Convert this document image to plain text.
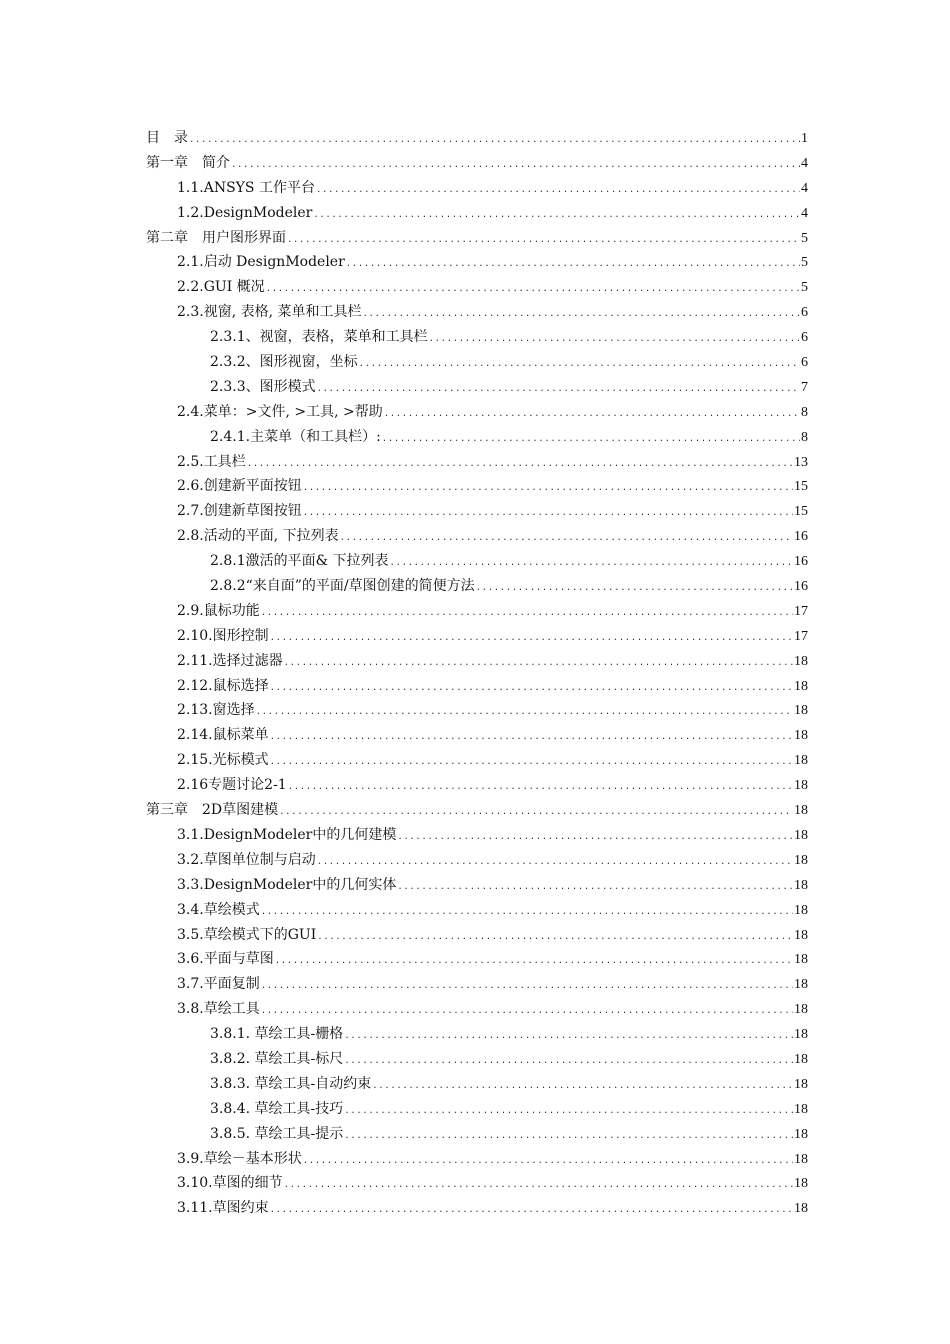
目　录 .....	1
第一章　简介 .....	4
1.1.ANSYS 工作平台 .....	4
1.2.DesignModeler .....	4
第二章　用户图形界面 .....	5
2.1.启动 DesignModeler .....	5
2.2.GUI 概况 .....	5
2.3.视窗, 表格, 菜单和工具栏 .....	6
2.3.1、视窗，表格，菜单和工具栏 .....	6
2.3.2、图形视窗，坐标 .....	6
2.3.3、图形模式 .....	7
2.4.菜单：>文件, >工具, >帮助 .....	8
2.4.1.主菜单（和工具栏）: .....	8
2.5.工具栏 .....	13
2.6.创建新平面按钮 .....	15
2.7.创建新草图按钮 .....	15
2.8.活动的平面, 下拉列表 .....	16
2.8.1激活的平面& 下拉列表 .....	16
2.8.2“来自面”的平面/草图创建的简便方法 .....	16
2.9.鼠标功能 .....	17
2.10.图形控制 .....	17
2.11.选择过滤器 .....	18
2.12.鼠标选择 .....	18
2.13.窗选择 .....	18
2.14.鼠标菜单 .....	18
2.15.光标模式 .....	18
2.16专题讨论2-1 .....	18
第三章　2D草图建模 .....	18
3.1.DesignModeler中的几何建模 .....	18
3.2.草图单位制与启动 .....	18
3.3.DesignModeler中的几何实体 .....	18
3.4.草绘模式 .....	18
3.5.草绘模式下的GUI .....	18
3.6.平面与草图 .....	18
3.7.平面复制 .....	18
3.8.草绘工具 .....	18
3.8.1. 草绘工具-栅格 .....	18
3.8.2. 草绘工具-标尺 .....	18
3.8.3. 草绘工具-自动约束 .....	18
3.8.4. 草绘工具-技巧 .....	18
3.8.5. 草绘工具-提示 .....	18
3.9.草绘－基本形状 .....	18
3.10.草图的细节 .....	18
3.11.草图约束 .....	18
